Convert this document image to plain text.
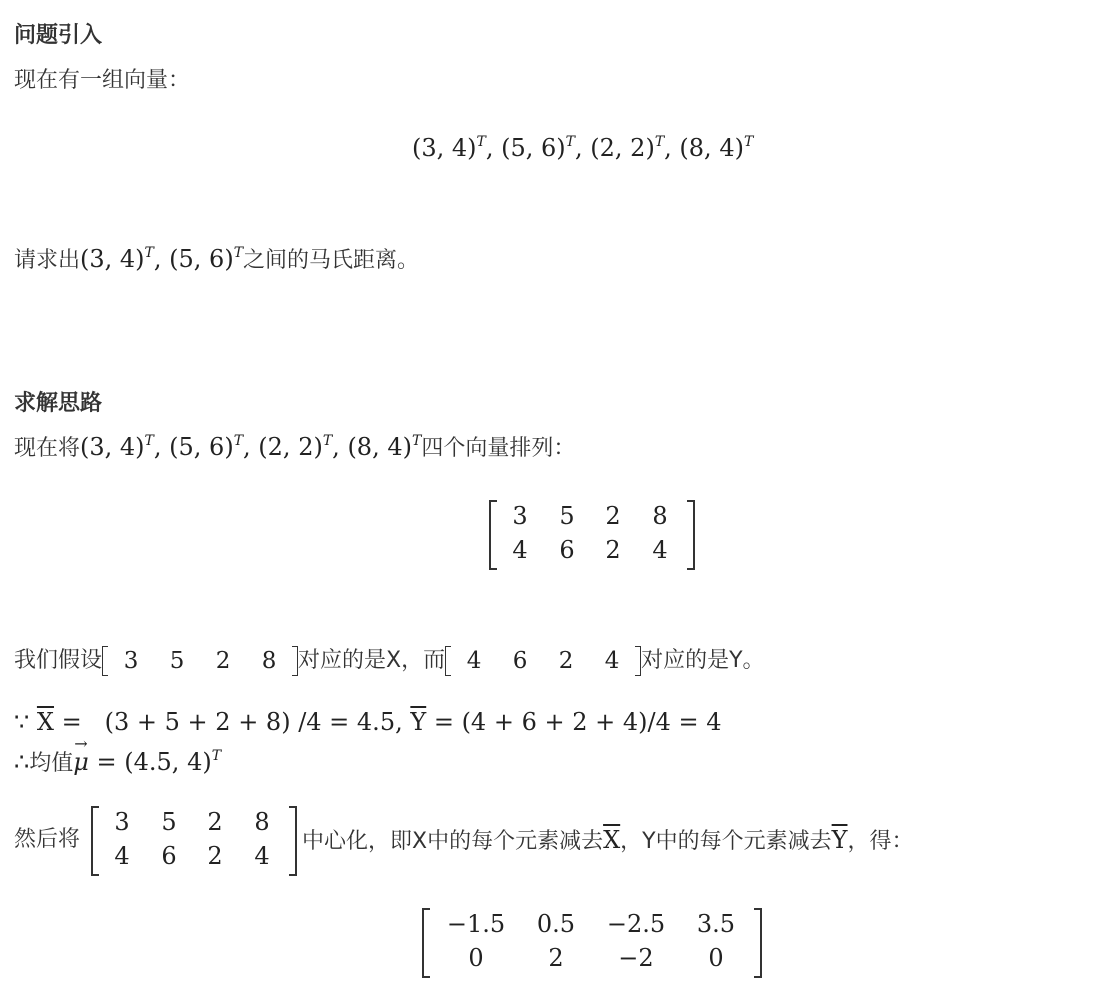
问题引入
现在有一组向量：
(3, 4)$^T$, (5, 6)$^T$, (2, 2)$^T$, (8, 4)$^T$
请求出(3, 4)$^T$, (5, 6)$^T$之间的马氏距离。
求解思路
现在将(3, 4)$^T$, (5, 6)$^T$, (2, 2)$^T$, (8, 4)$^T$四个向量排列：
3	5	2	8
4	6	2	4
我们假设 3 5 2 8 对应的是X，而 4 6 2 4 对应的是Y。
∵ $\overline{X} = (3 + 5 + 2 + 8) /4 = 4.5$, $\overline{Y} = (4 + 6 + 2 + 4)/4 = 4$
∴均值
→
μ = (4.5, 4)$^T$
然后将
3	5	2	8
4	6	2	4
中心化，即X中的每个元素减去$\overline{X}$，Y中的每个元素减去$\overline{Y}$，得：
−1.5	0.5	−2.5	3.5
0	2	−2	0
